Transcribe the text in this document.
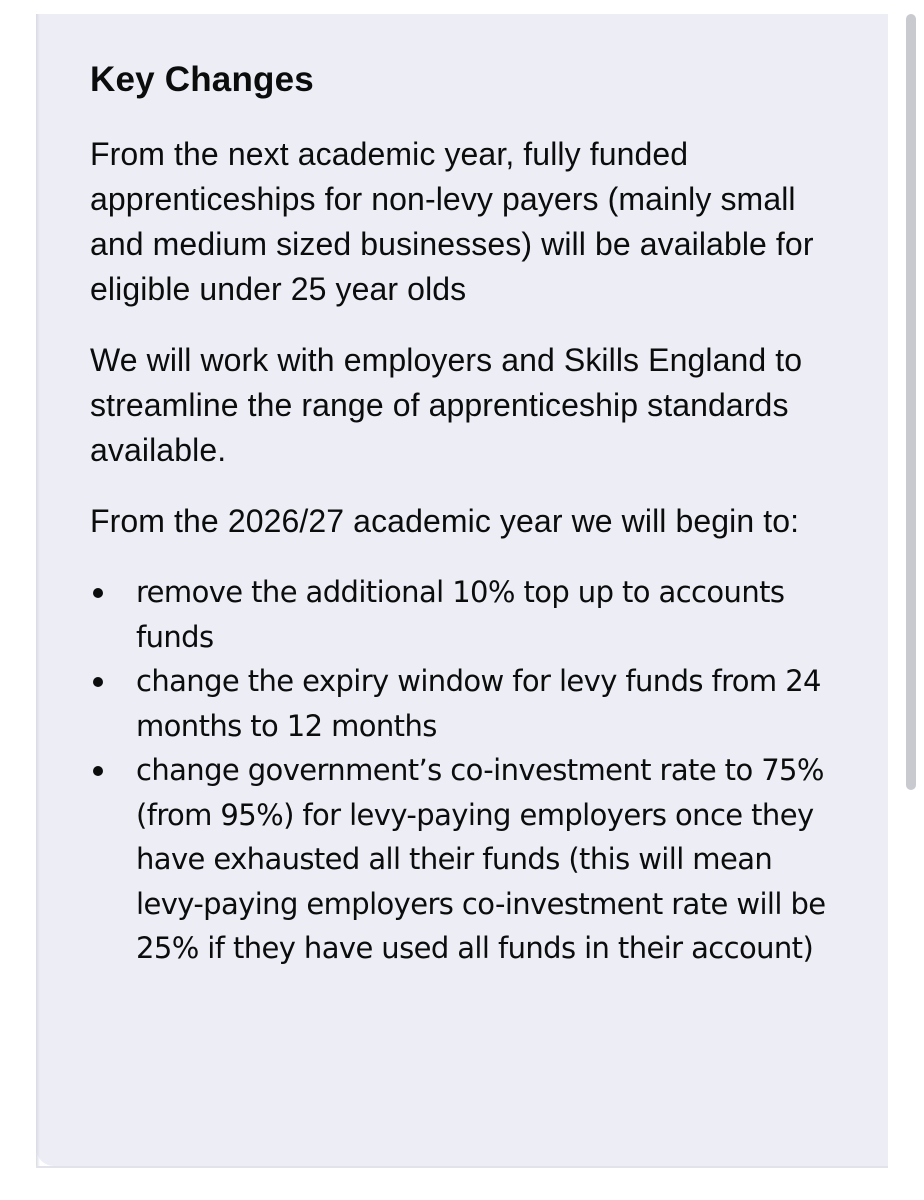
Key Changes

From the next academic year, fully funded apprenticeships for non-levy payers (mainly small and medium sized businesses) will be available for eligible under 25 year olds

We will work with employers and Skills England to streamline the range of apprenticeship standards available.

From the 2026/27 academic year we will begin to:

remove the additional 10% top up to accounts funds
change the expiry window for levy funds from 24 months to 12 months
change government’s co-investment rate to 75% (from 95%) for levy-paying employers once they have exhausted all their funds (this will mean levy-paying employers co-investment rate will be 25% if they have used all funds in their account)
